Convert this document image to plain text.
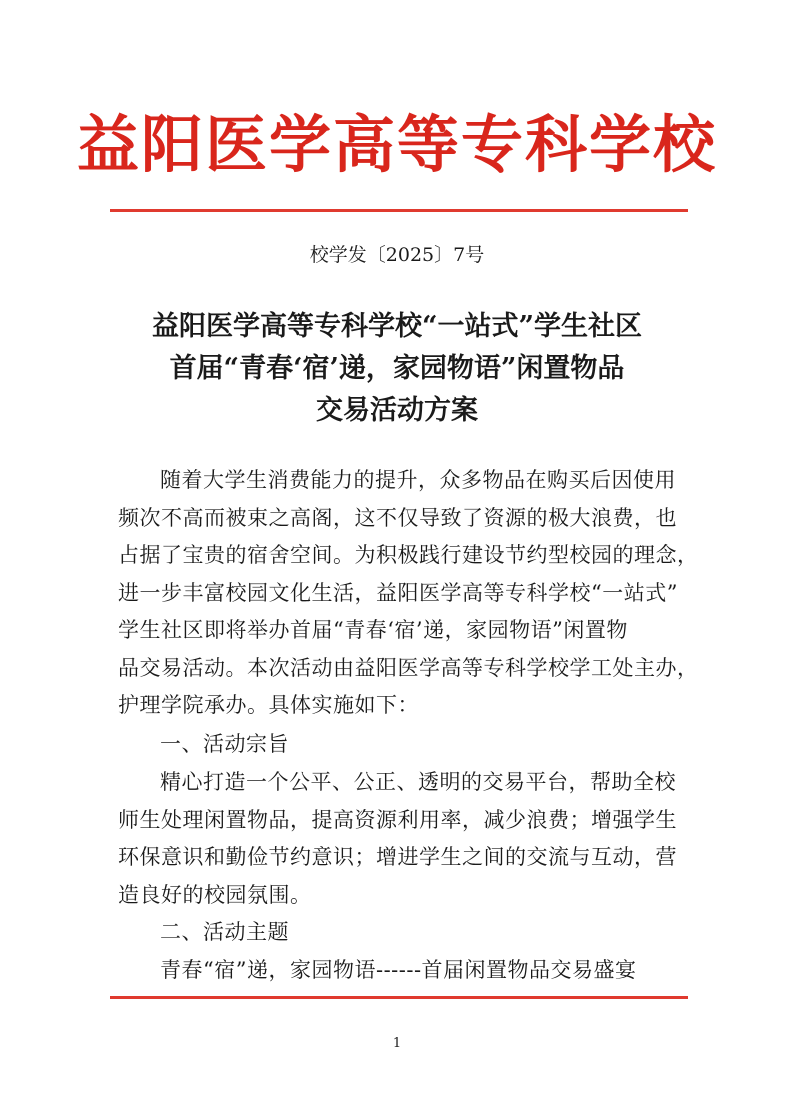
益阳医学高等专科学校
校学发〔2025〕7号
益阳医学高等专科学校“一站式”学生社区
首届“青春‘宿’递，家园物语”闲置物品
交易活动方案
随着大学生消费能力的提升，众多物品在购买后因使用
频次不高而被束之高阁，这不仅导致了资源的极大浪费，也
占据了宝贵的宿舍空间。为积极践行建设节约型校园的理念，
进一步丰富校园文化生活，益阳医学高等专科学校“一站式”
学生社区即将举办首届“青春‘宿’递，家园物语”闲置物
品交易活动。本次活动由益阳医学高等专科学校学工处主办，
护理学院承办。具体实施如下：
一、活动宗旨
精心打造一个公平、公正、透明的交易平台，帮助全校
师生处理闲置物品，提高资源利用率，减少浪费；增强学生
环保意识和勤俭节约意识；增进学生之间的交流与互动，营
造良好的校园氛围。
二、活动主题
青春“宿”递，家园物语------首届闲置物品交易盛宴
1
